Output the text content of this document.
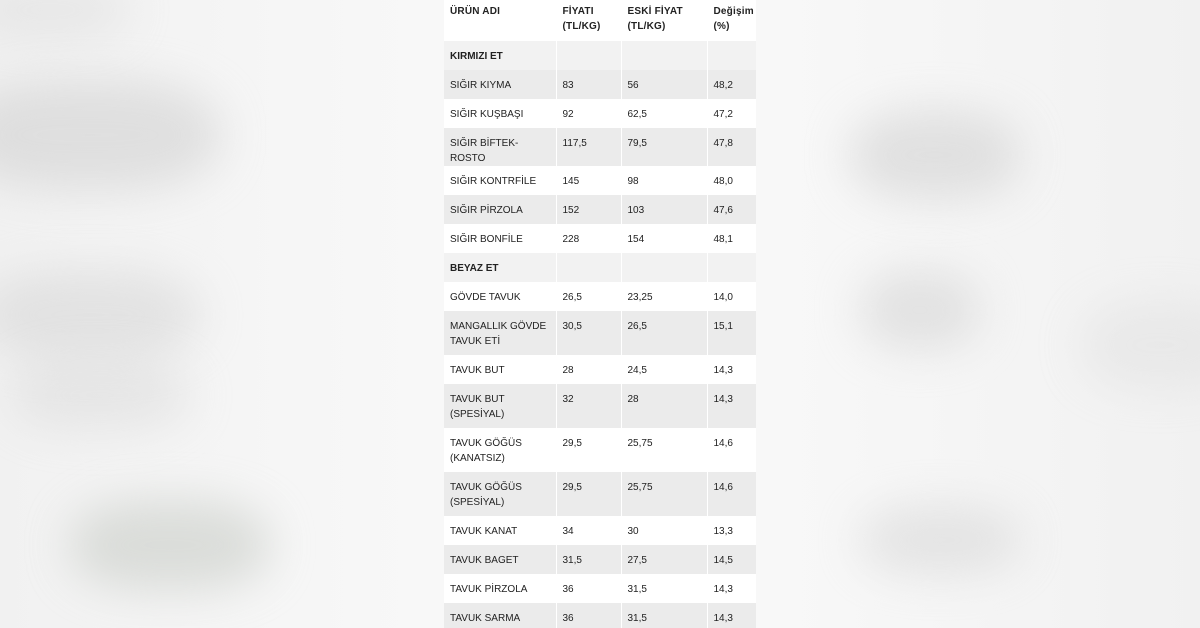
ÜRÜN ADI	FİYATI (TL/KG)	ESKİ FİYAT (TL/KG)	Değişim (%)
KIRMIZI ET			
SIĞIR KIYMA	83	56	48,2
SIĞIR KUŞBAŞI	92	62,5	47,2
SIĞIR BİFTEK-ROSTO	117,5	79,5	47,8
SIĞIR KONTRFİLE	145	98	48,0
SIĞIR PİRZOLA	152	103	47,6
SIĞIR BONFİLE	228	154	48,1
BEYAZ ET			
GÖVDE TAVUK	26,5	23,25	14,0
MANGALLIK GÖVDE TAVUK ETİ	30,5	26,5	15,1
TAVUK BUT	28	24,5	14,3
TAVUK BUT (SPESİYAL)	32	28	14,3
TAVUK GÖĞÜS (KANATSIZ)	29,5	25,75	14,6
TAVUK GÖĞÜS (SPESİYAL)	29,5	25,75	14,6
TAVUK KANAT	34	30	13,3
TAVUK BAGET	31,5	27,5	14,5
TAVUK PİRZOLA	36	31,5	14,3
TAVUK SARMA	36	31,5	14,3
